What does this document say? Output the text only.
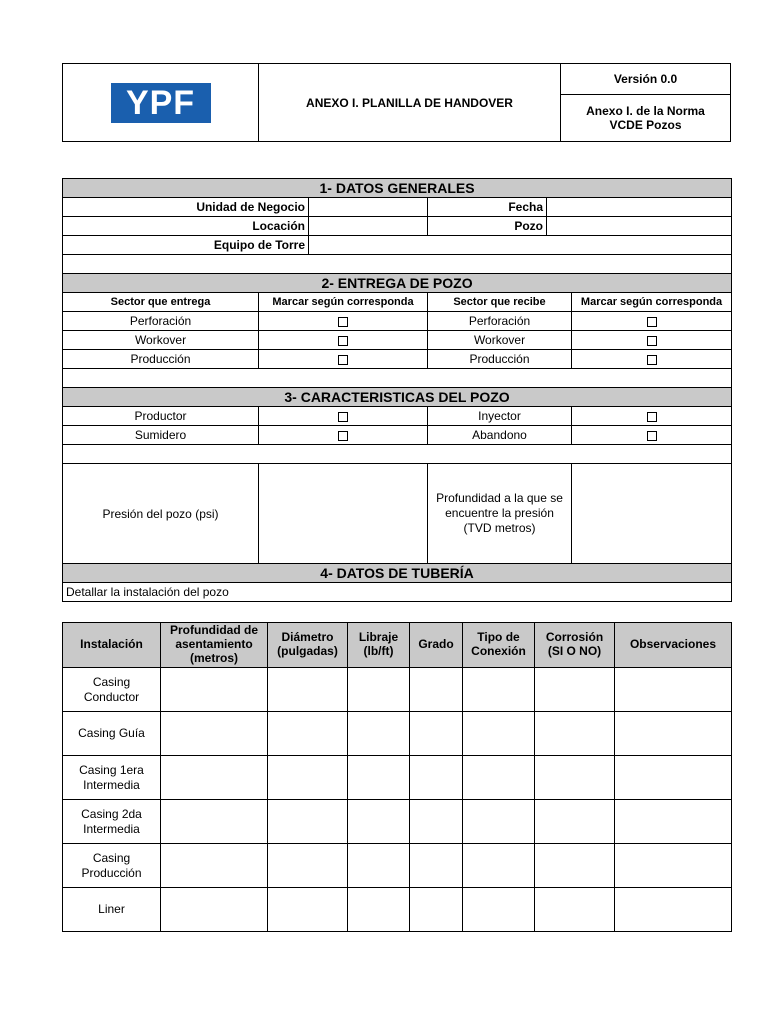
YPF	ANEXO I. PLANILLA DE HANDOVER	Versión 0.0
Anexo I. de la Norma
VCDE Pozos
1- DATOS GENERALES					
Unidad de Negocio			Fecha		
Locación			Pozo		
Equipo de Torre					

2- ENTREGA DE POZO					
Sector que entrega	Marcar según corresponda		Sector que recibe		Marcar según corresponda
Perforación			Perforación		
Workover			Workover		
Producción			Producción		

3- CARACTERISTICAS DEL POZO					
Productor			Inyector		
Sumidero			Abandono		

Presión del pozo (psi)			Profundidad a la que se encuentre la presión (TVD metros)		
4- DATOS DE TUBERÍA					
Detallar la instalación del pozo					
Instalación	Profundidad de asentamiento (metros)	Diámetro (pulgadas)	Libraje (lb/ft)	Grado	Tipo de Conexión	Corrosión (SI O NO)	Observaciones
Casing Conductor							
Casing Guía							
Casing 1era Intermedia							
Casing 2da Intermedia							
Casing Producción							
Liner							
